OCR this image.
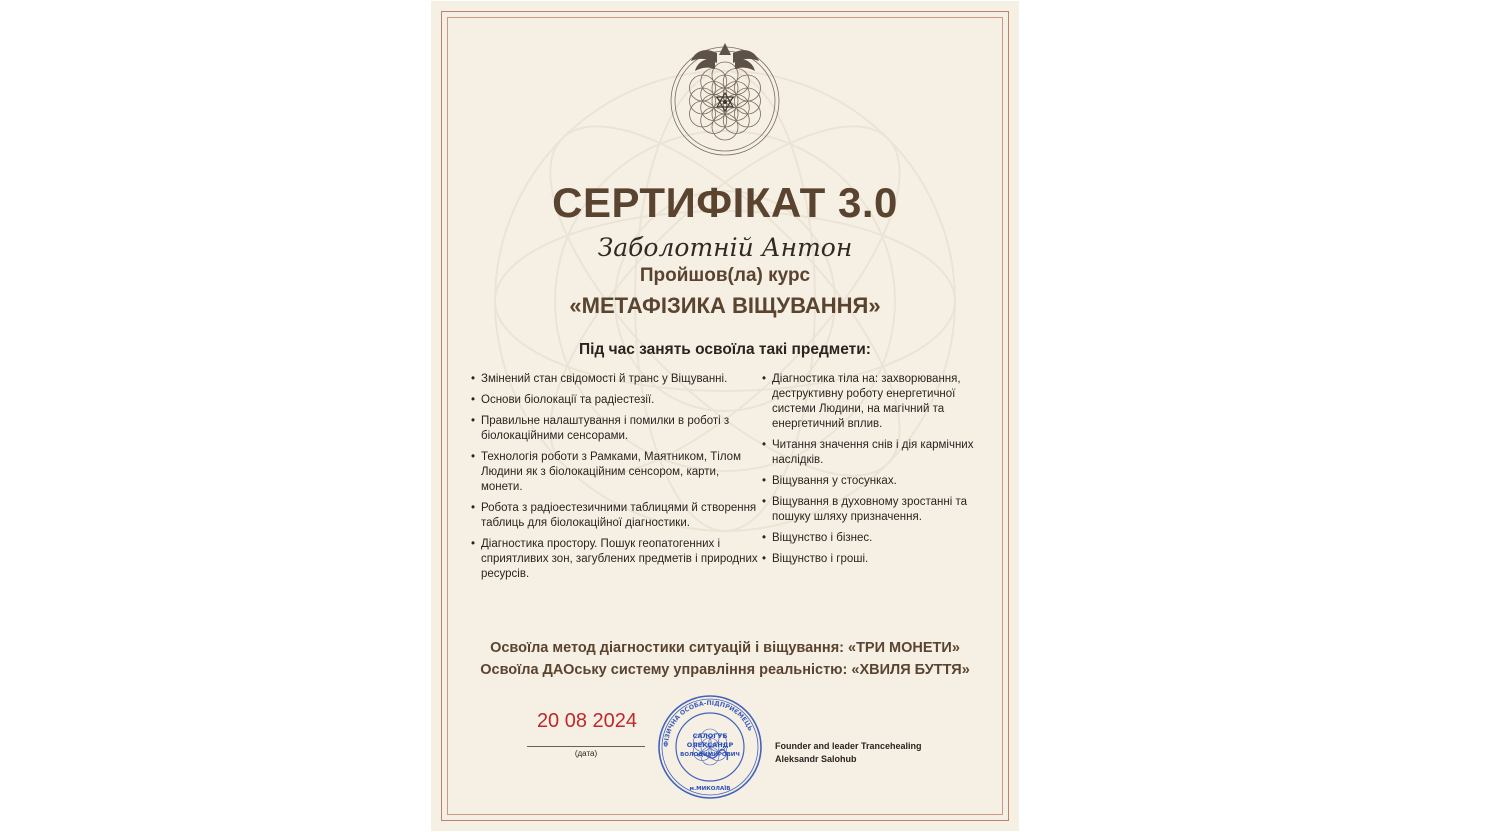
СЕРТИФІКАТ 3.0
Заболотній Антон
Пройшов(ла) курс
«МЕТАФІЗИКА ВІЩУВАННЯ»
Під час занять освоїла такі предмети:
• Змінений стан свідомості й транс у Віщуванні.
• Основи біолокації та радіестезії.
• Правильне налаштування і помилки в роботі з біолокаційними сенсорами.
• Технологія роботи з Рамками, Маятником, Тілом Людини як з біолокаційним сенсором, карти, монети.
• Робота з радіоестезичними таблицями й створення таблиць для біолокаційної діагностики.
• Діагностика простору. Пошук геопатогенних і сприятливих зон, загублених предметів і природних ресурсів.
• Діагностика тіла на: захворювання, деструктивну роботу енергетичної системи Людини, на магічний та енергетичний вплив.
• Читання значення снів і дія кармічних наслідків.
• Віщування у стосунках.
• Віщування в духовному зростанні та пошуку шляху призначення.
• Віщунство і бізнес.
• Віщунство і гроші.
Освоїла метод діагностики ситуацій і віщування: «ТРИ МОНЕТИ»
Освоїла ДАОську систему управління реальністю: «ХВИЛЯ БУТТЯ»
20 08 2024
(дата)
ФІЗИЧНА ОСОБА-ПІДПРИЄМЕЦЬ
САЛОГУБ
ОЛЕКСАНДР
ВОЛОДИМИРОВИЧ
м.МИКОЛАЇВ
Founder and leader Trancehealing
Aleksandr Salohub
